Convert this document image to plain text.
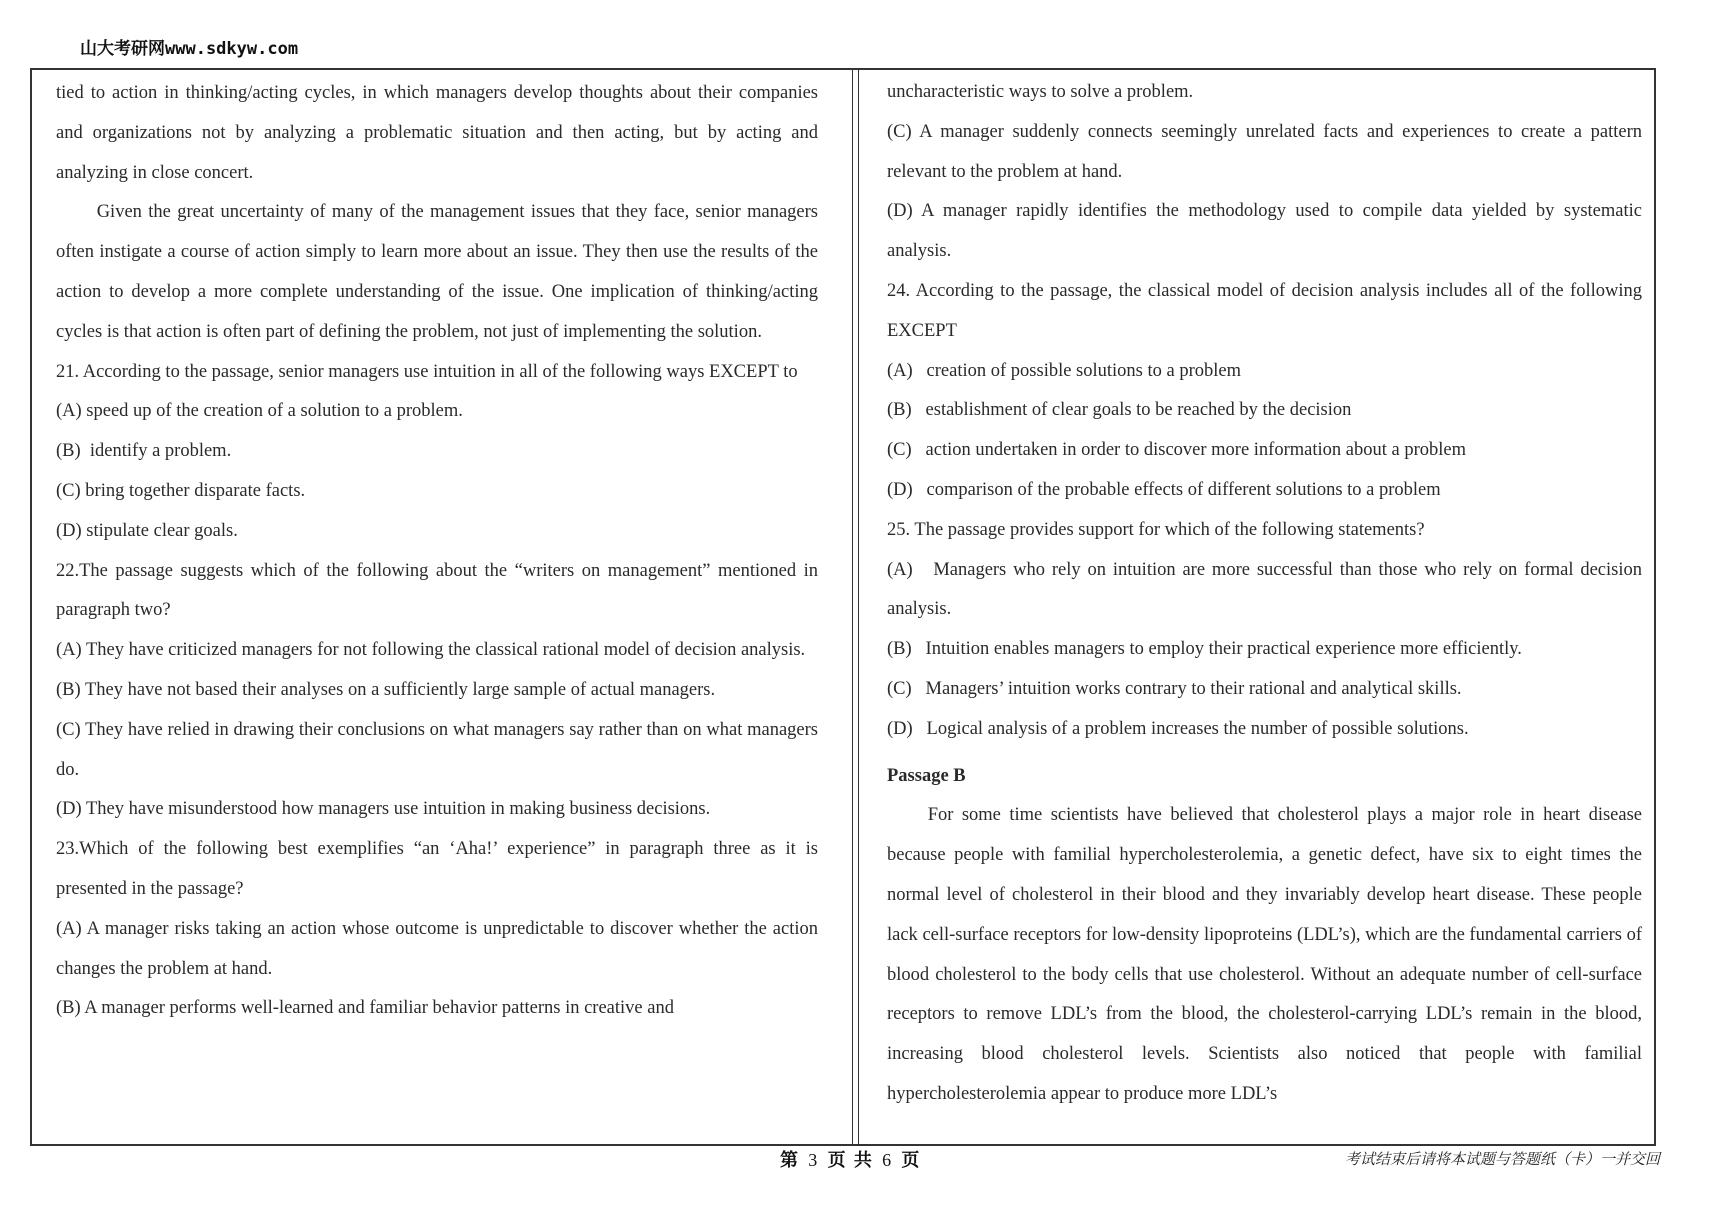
山大考研网www.sdkyw.com

tied to action in thinking/acting cycles, in which managers develop thoughts about their companies and organizations not by analyzing a problematic situation and then acting, but by acting and analyzing in close concert.

Given the great uncertainty of many of the management issues that they face, senior managers often instigate a course of action simply to learn more about an issue. They then use the results of the action to develop a more complete understanding of the issue. One implication of thinking/acting cycles is that action is often part of defining the problem, not just of implementing the solution.

21. According to the passage, senior managers use intuition in all of the following ways EXCEPT to

(A) speed up of the creation of a solution to a problem.

(B)  identify a problem.

(C) bring together disparate facts.

(D) stipulate clear goals.

22.The passage suggests which of the following about the “writers on management” mentioned in paragraph two?

(A) They have criticized managers for not following the classical rational model of decision analysis.

(B) They have not based their analyses on a sufficiently large sample of actual managers.

(C) They have relied in drawing their conclusions on what managers say rather than on what managers do.

(D) They have misunderstood how managers use intuition in making business decisions.

23.Which of the following best exemplifies “an ‘Aha!’ experience” in paragraph three as it is presented in the passage?

(A) A manager risks taking an action whose outcome is unpredictable to discover whether the action changes the problem at hand.

(B) A manager performs well-learned and familiar behavior patterns in creative and

uncharacteristic ways to solve a problem.

(C) A manager suddenly connects seemingly unrelated facts and experiences to create a pattern relevant to the problem at hand.

(D) A manager rapidly identifies the methodology used to compile data yielded by systematic analysis.

24. According to the passage, the classical model of decision analysis includes all of the following EXCEPT

(A)   creation of possible solutions to a problem

(B)   establishment of clear goals to be reached by the decision

(C)   action undertaken in order to discover more information about a problem

(D)   comparison of the probable effects of different solutions to a problem

25. The passage provides support for which of the following statements?

(A)   Managers who rely on intuition are more successful than those who rely on formal decision analysis.

(B)   Intuition enables managers to employ their practical experience more efficiently.

(C)   Managers’ intuition works contrary to their rational and analytical skills.

(D)   Logical analysis of a problem increases the number of possible solutions.

Passage B

For some time scientists have believed that cholesterol plays a major role in heart disease because people with familial hypercholesterolemia, a genetic defect, have six to eight times the normal level of cholesterol in their blood and they invariably develop heart disease. These people lack cell-surface receptors for low-density lipoproteins (LDL’s), which are the fundamental carriers of blood cholesterol to the body cells that use cholesterol. Without an adequate number of cell-surface receptors to remove LDL’s from the blood, the cholesterol-carrying LDL’s remain in the blood, increasing blood cholesterol levels. Scientists also noticed that people with familial hypercholesterolemia appear to produce more LDL’s

第 3 页 共 6 页	考试结束后请将本试题与答题纸（卡）一并交回
